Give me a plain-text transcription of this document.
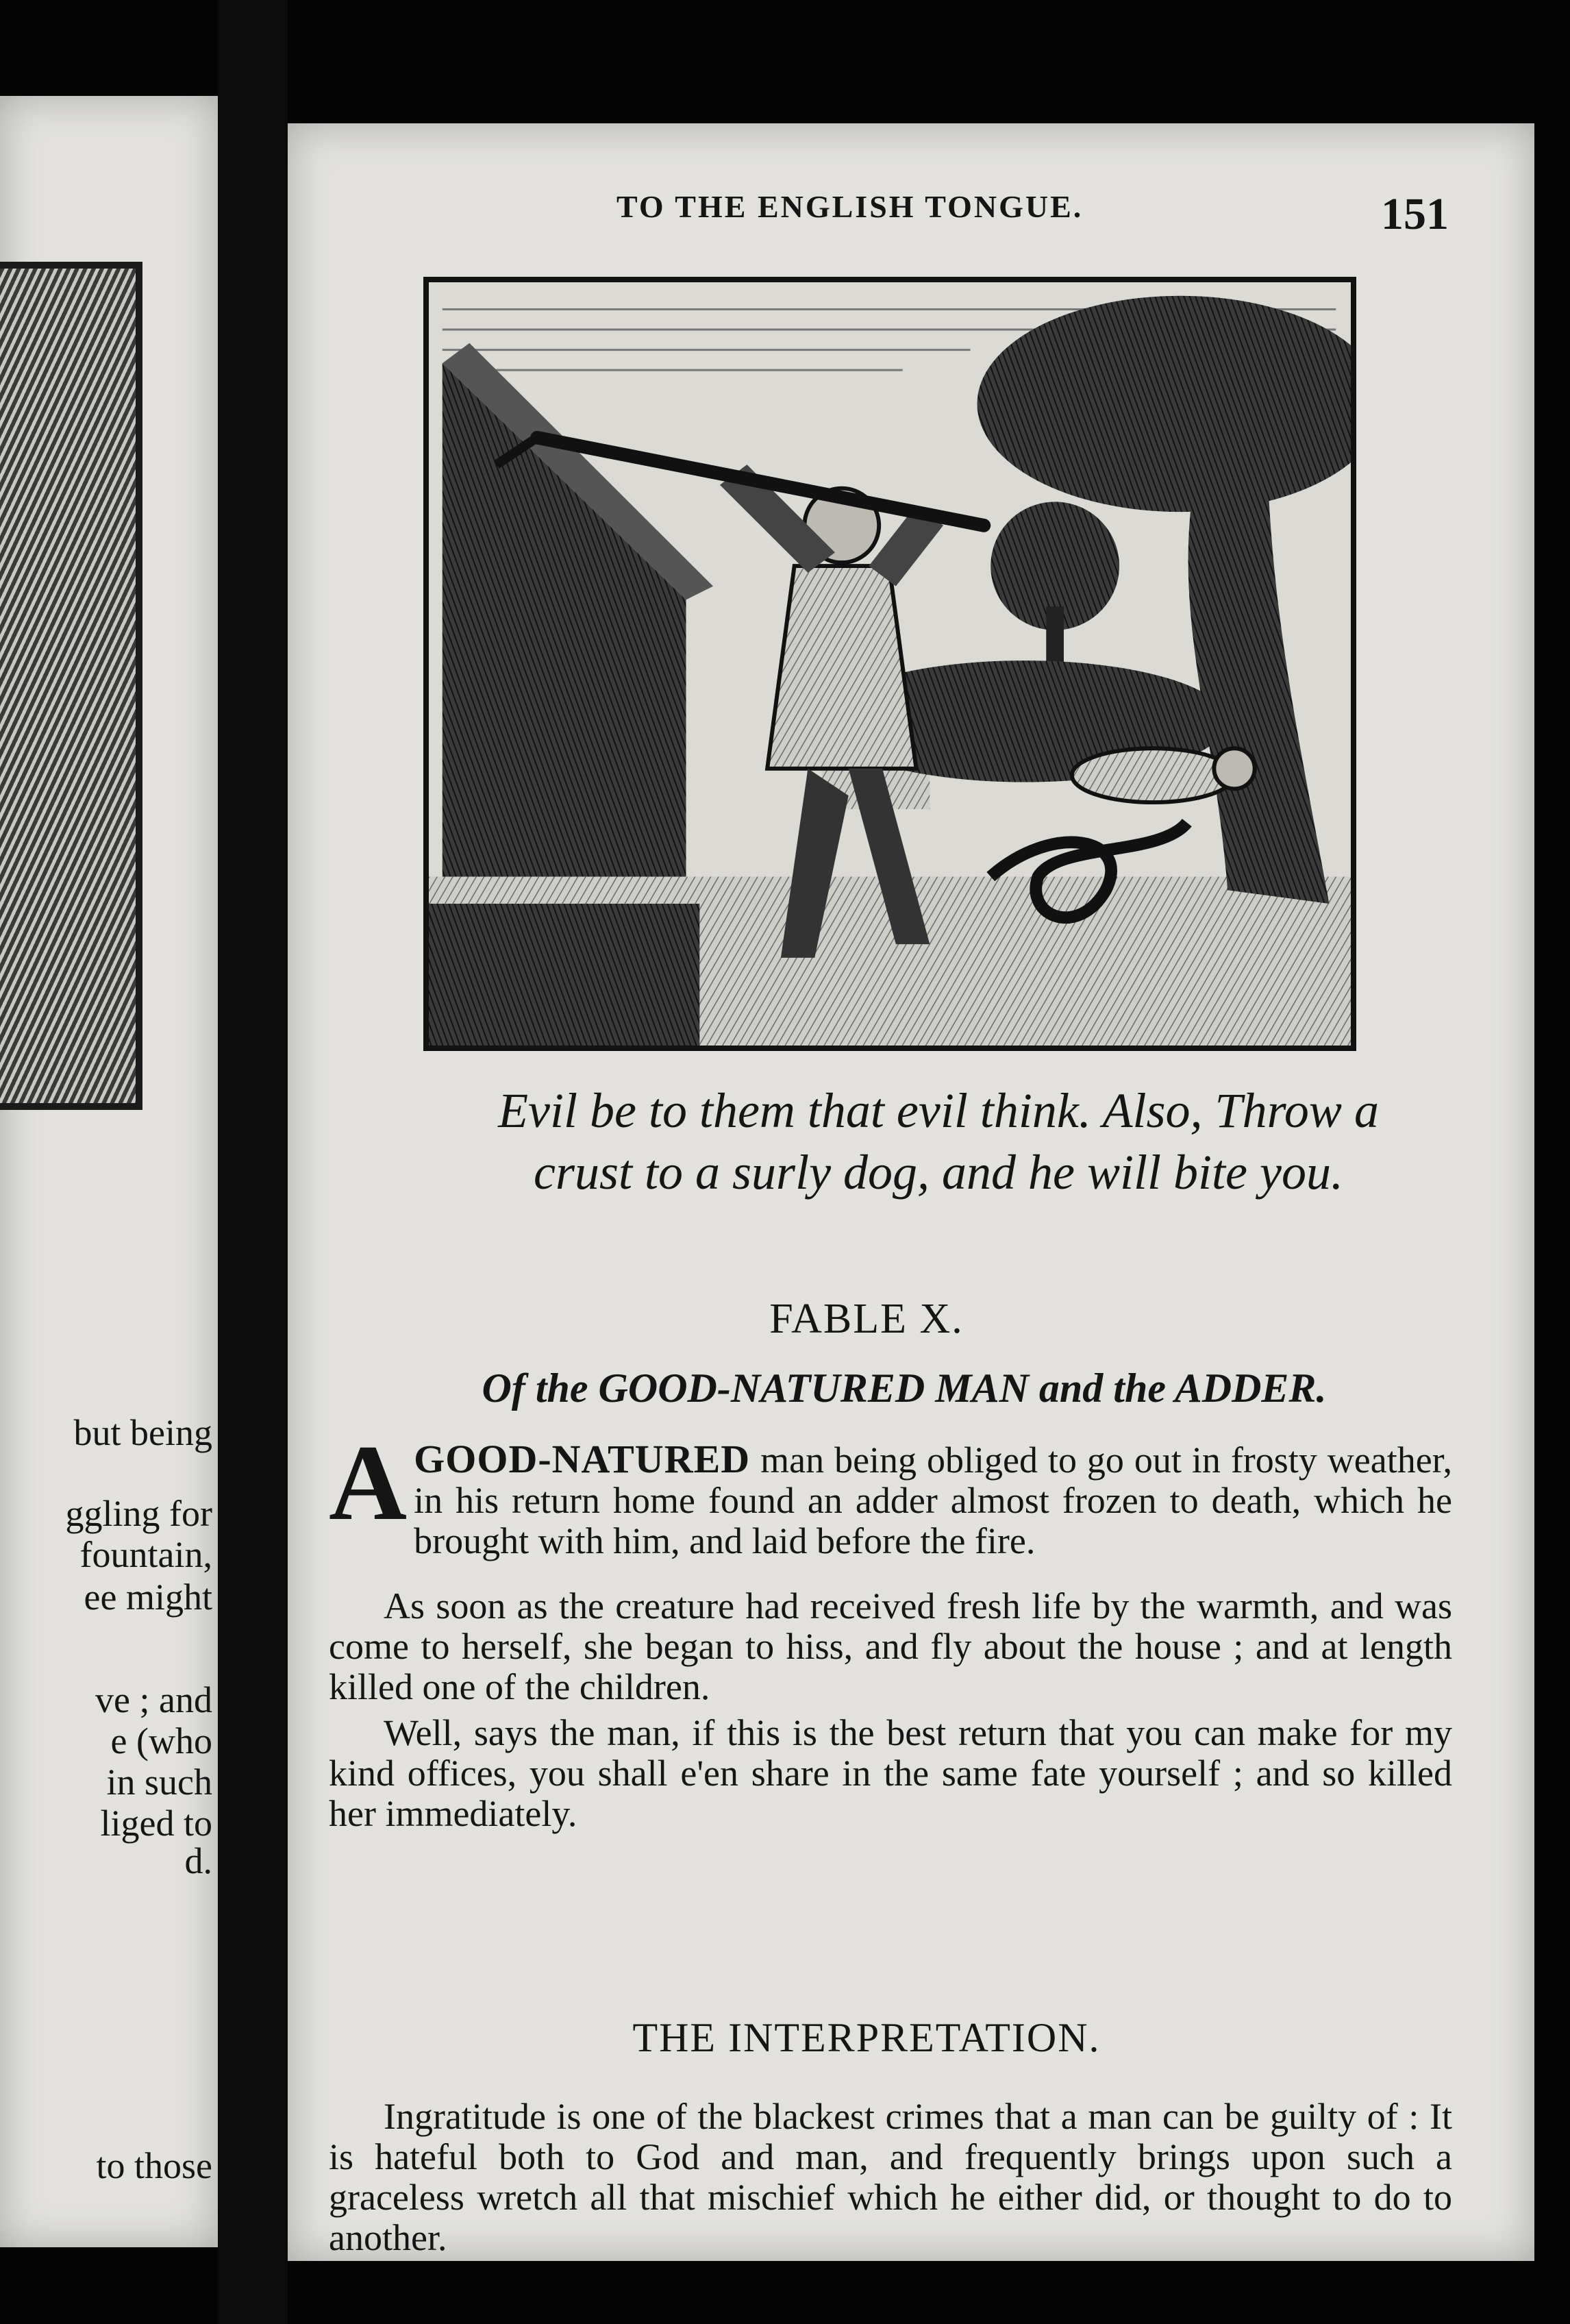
but being
ggling for
fountain,
ee might
ve ; and
e (who
in such
liged to
d.
to those
TO THE ENGLISH TONGUE.	151
Evil be to them that evil think. Also, Throw a
crust to a surly dog, and he will bite you.
FABLE X.
Of the GOOD-NATURED MAN and the ADDER.
AGOOD-NATURED man being obliged to go out in frosty weather, in his return home found an adder almost frozen to death, which he brought with him, and laid before the fire.
As soon as the creature had received fresh life by the warmth, and was come to herself, she began to hiss, and fly about the house ; and at length killed one of the children.
Well, says the man, if this is the best return that you can make for my kind offices, you shall e'en share in the same fate yourself ; and so killed her immediately.
THE INTERPRETATION.
Ingratitude is one of the blackest crimes that a man can be guilty of : It is hateful both to God and man, and frequently brings upon such a graceless wretch all that mischief which he either did, or thought to do to another.
